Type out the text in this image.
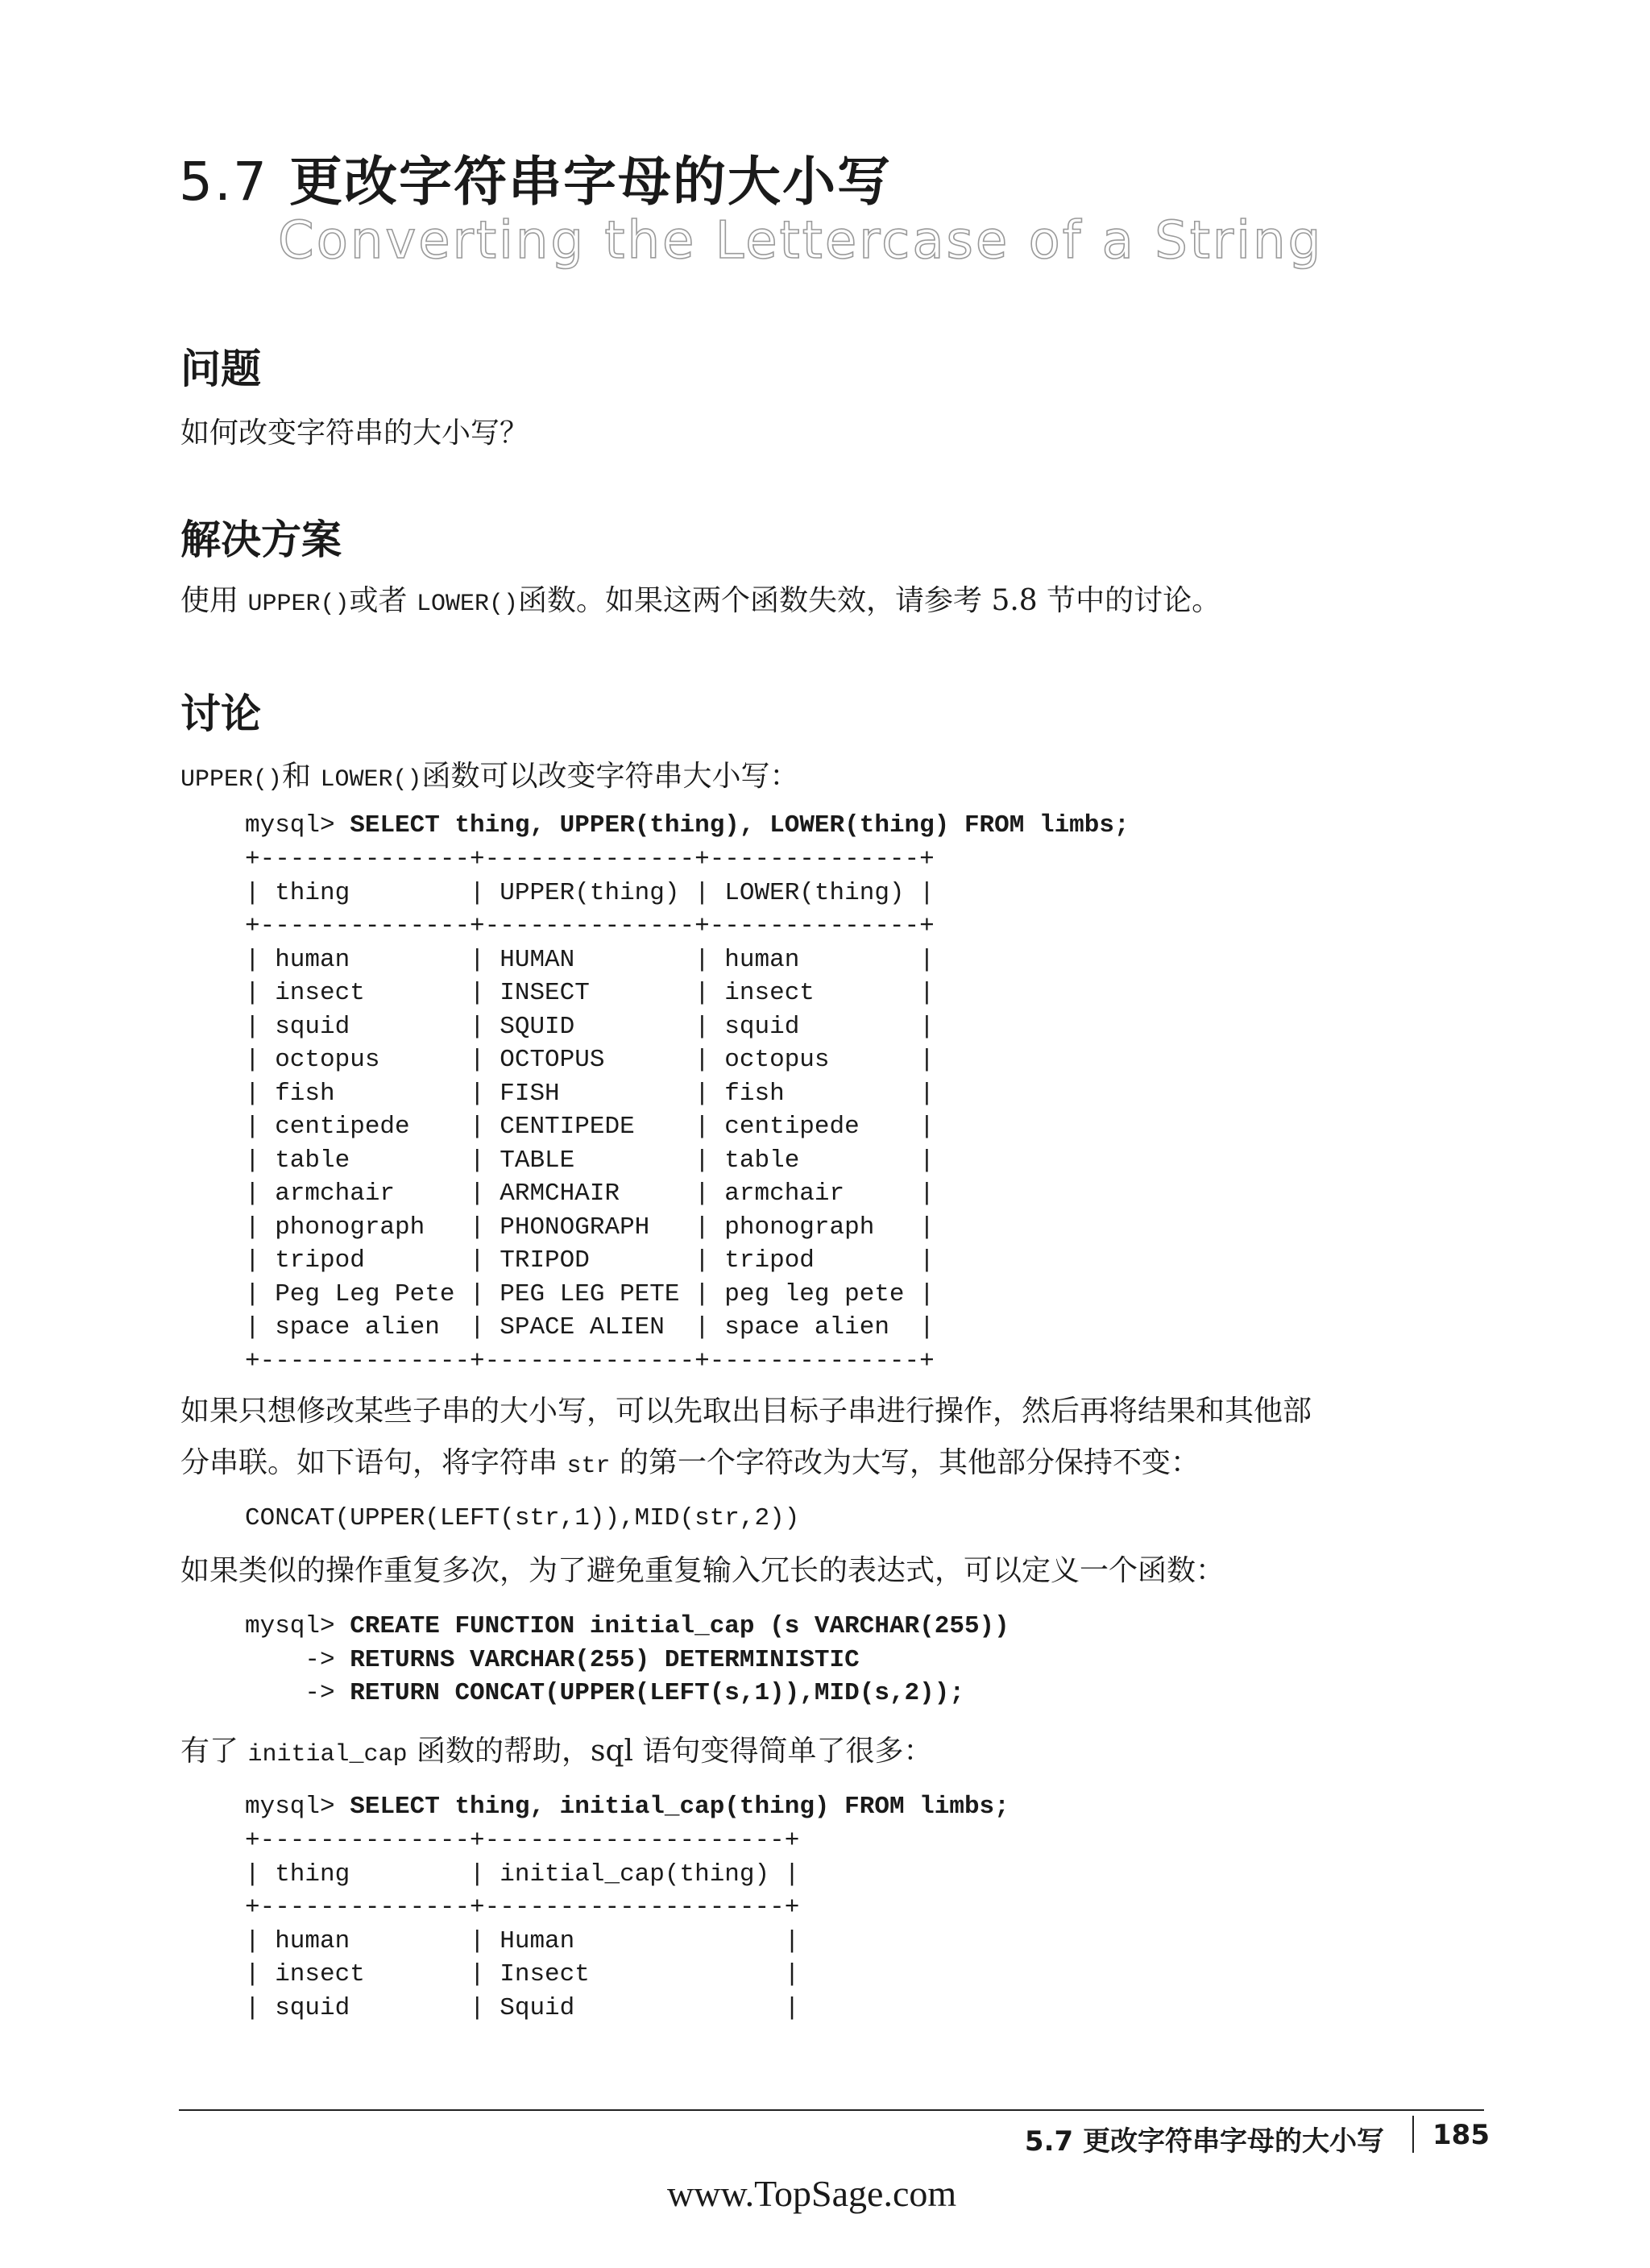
5.7 更改字符串字母的大小写
Converting the Lettercase of a String
问题
如何改变字符串的大小写？
解决方案
使用 UPPER()或者 LOWER()函数。如果这两个函数失效，请参考 5.8 节中的讨论。
讨论
UPPER()和 LOWER()函数可以改变字符串大小写：
mysql> SELECT thing, UPPER(thing), LOWER(thing) FROM limbs;
+--------------+--------------+--------------+
| thing        | UPPER(thing) | LOWER(thing) |
+--------------+--------------+--------------+
| human        | HUMAN        | human        |
| insect       | INSECT       | insect       |
| squid        | SQUID        | squid        |
| octopus      | OCTOPUS      | octopus      |
| fish         | FISH         | fish         |
| centipede    | CENTIPEDE    | centipede    |
| table        | TABLE        | table        |
| armchair     | ARMCHAIR     | armchair     |
| phonograph   | PHONOGRAPH   | phonograph   |
| tripod       | TRIPOD       | tripod       |
| Peg Leg Pete | PEG LEG PETE | peg leg pete |
| space alien  | SPACE ALIEN  | space alien  |
+--------------+--------------+--------------+
如果只想修改某些子串的大小写，可以先取出目标子串进行操作，然后再将结果和其他部
分串联。如下语句，将字符串 str 的第一个字符改为大写，其他部分保持不变：
CONCAT(UPPER(LEFT(str,1)),MID(str,2))
如果类似的操作重复多次，为了避免重复输入冗长的表达式，可以定义一个函数：
mysql> CREATE FUNCTION initial_cap (s VARCHAR(255))
-> RETURNS VARCHAR(255) DETERMINISTIC
-> RETURN CONCAT(UPPER(LEFT(s,1)),MID(s,2));
有了 initial_cap 函数的帮助，sql 语句变得简单了很多：
mysql> SELECT thing, initial_cap(thing) FROM limbs;
+--------------+--------------------+
| thing        | initial_cap(thing) |
+--------------+--------------------+
| human        | Human              |
| insect       | Insect             |
| squid        | Squid              |
5.7 更改字符串字母的大小写 185
www.TopSage.com
